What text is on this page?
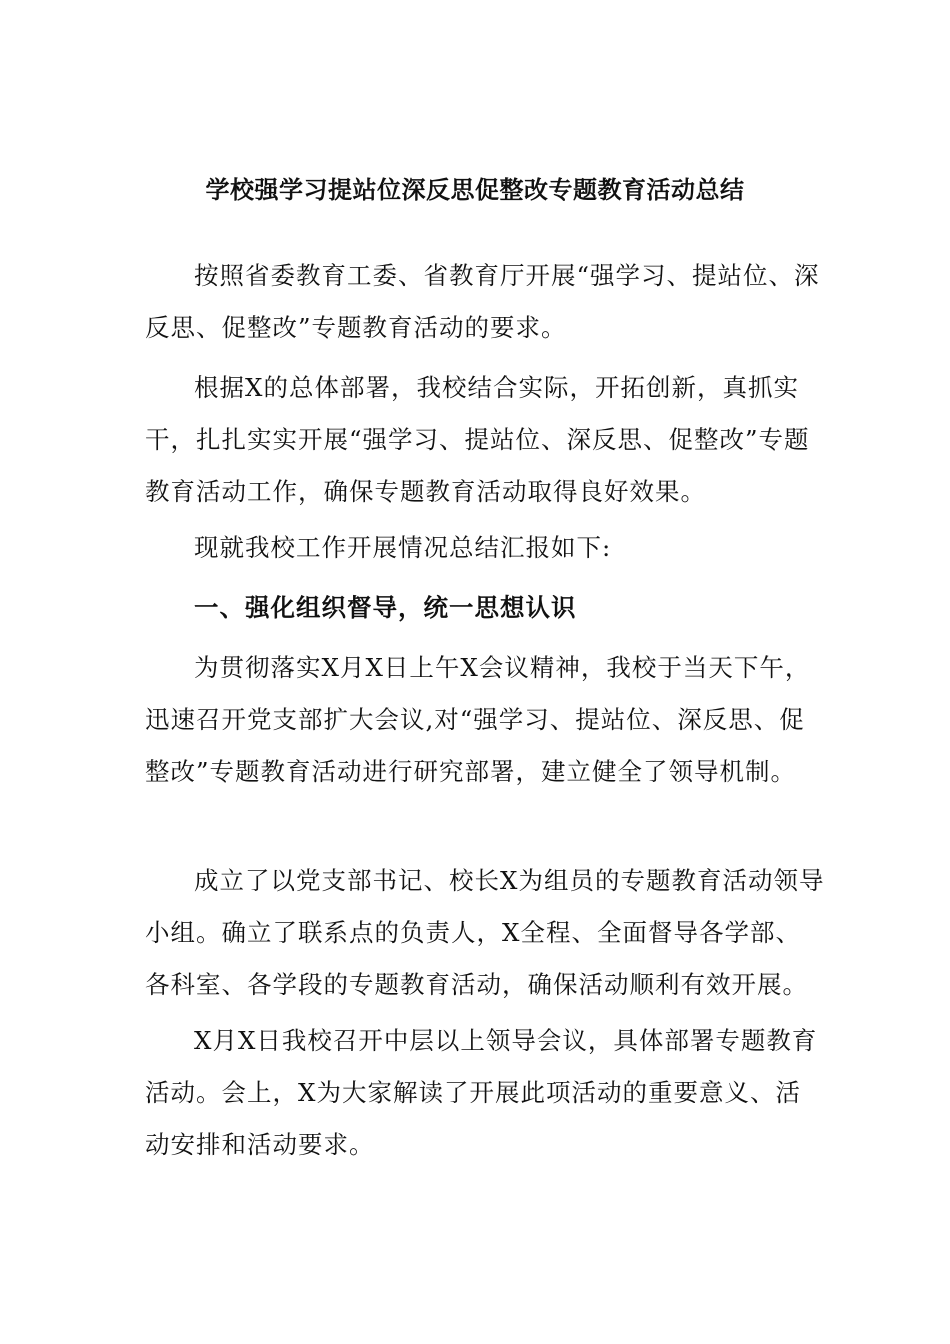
学校强学习提站位深反思促整改专题教育活动总结

按照省委教育工委、省教育厅开展“强学习、提站位、深反思、促整改”专题教育活动的要求。

根据X的总体部署，我校结合实际，开拓创新，真抓实干，扎扎实实开展“强学习、提站位、深反思、促整改”专题教育活动工作，确保专题教育活动取得良好效果。

现就我校工作开展情况总结汇报如下:

一、强化组织督导，统一思想认识

为贯彻落实X月X日上午X会议精神，我校于当天下午，迅速召开党支部扩大会议,对“强学习、提站位、深反思、促整改”专题教育活动进行研究部署，建立健全了领导机制。

成立了以党支部书记、校长X为组员的专题教育活动领导小组。确立了联系点的负责人，X全程、全面督导各学部、各科室、各学段的专题教育活动，确保活动顺利有效开展。

X月X日我校召开中层以上领导会议，具体部署专题教育活动。会上，X为大家解读了开展此项活动的重要意义、活动安排和活动要求。
